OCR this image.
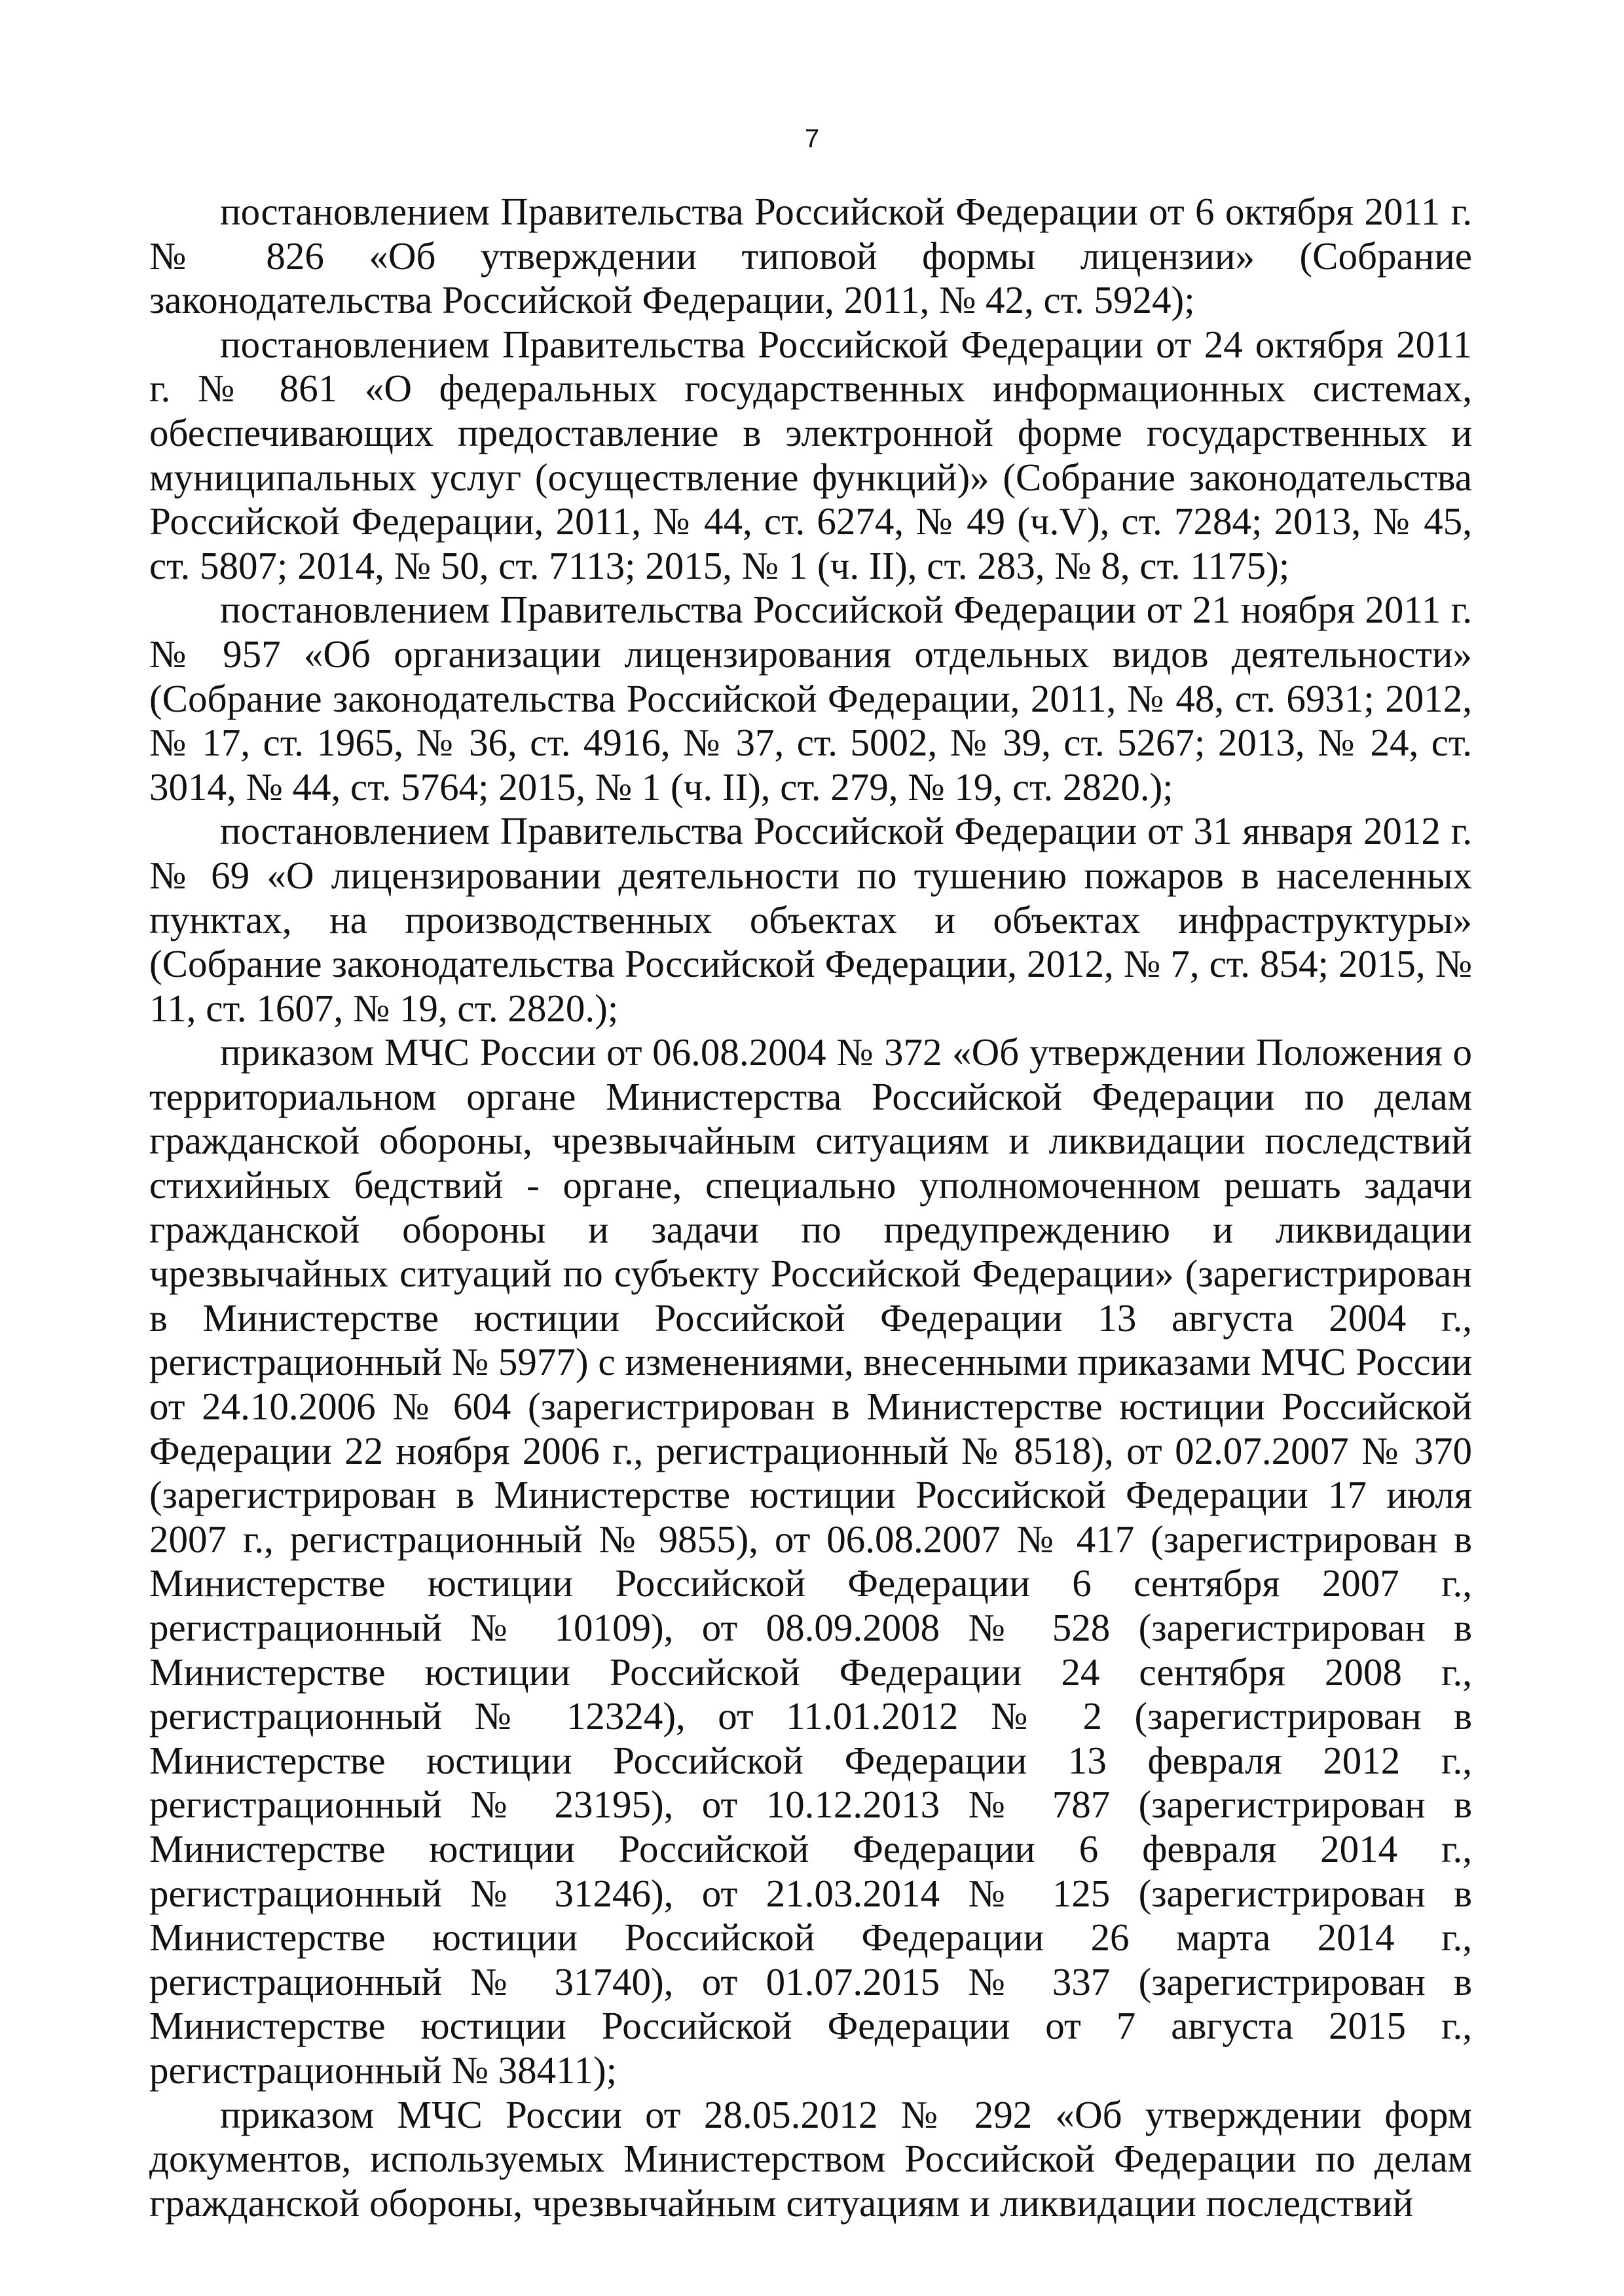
7

постановлением Правительства Российской Федерации от 6 октября 2011 г. № 826 «Об утверждении типовой формы лицензии» (Собрание законодательства Российской Федерации, 2011, № 42, ст. 5924);

постановлением Правительства Российской Федерации от 24 октября 2011 г. № 861 «О федеральных государственных информационных системах, обеспечивающих предоставление в электронной форме государственных и муниципальных услуг (осуществление функций)» (Собрание законодательства Российской Федерации, 2011, № 44, ст. 6274, № 49 (ч.V), ст. 7284; 2013, № 45, ст. 5807; 2014, № 50, ст. 7113; 2015, № 1 (ч. II), ст. 283, № 8, ст. 1175);

постановлением Правительства Российской Федерации от 21 ноября 2011 г. № 957 «Об организации лицензирования отдельных видов деятельности» (Собрание законодательства Российской Федерации, 2011, № 48, ст. 6931; 2012, № 17, ст. 1965, № 36, ст. 4916, № 37, ст. 5002, № 39, ст. 5267; 2013, № 24, ст. 3014, № 44, ст. 5764; 2015, № 1 (ч. II), ст. 279, № 19, ст. 2820.);

постановлением Правительства Российской Федерации от 31 января 2012 г. № 69 «О лицензировании деятельности по тушению пожаров в населенных пунктах, на производственных объектах и объектах инфраструктуры» (Собрание законодательства Российской Федерации, 2012, № 7, ст. 854; 2015, № 11, ст. 1607, № 19, ст. 2820.);

приказом МЧС России от 06.08.2004 № 372 «Об утверждении Положения о территориальном органе Министерства Российской Федерации по делам гражданской обороны, чрезвычайным ситуациям и ликвидации последствий стихийных бедствий - органе, специально уполномоченном решать задачи гражданской обороны и задачи по предупреждению и ликвидации чрезвычайных ситуаций по субъекту Российской Федерации» (зарегистрирован в Министерстве юстиции Российской Федерации 13 августа 2004 г., регистрационный № 5977) с изменениями, внесенными приказами МЧС России от 24.10.2006 № 604 (зарегистрирован в Министерстве юстиции Российской Федерации 22 ноября 2006 г., регистрационный № 8518), от 02.07.2007 № 370 (зарегистрирован в Министерстве юстиции Российской Федерации 17 июля 2007 г., регистрационный № 9855), от 06.08.2007 № 417 (зарегистрирован в Министерстве юстиции Российской Федерации 6 сентября 2007 г., регистрационный № 10109), от 08.09.2008 № 528 (зарегистрирован в Министерстве юстиции Российской Федерации 24 сентября 2008 г., регистрационный № 12324), от 11.01.2012 № 2 (зарегистрирован в Министерстве юстиции Российской Федерации 13 февраля 2012 г., регистрационный № 23195), от 10.12.2013 № 787 (зарегистрирован в Министерстве юстиции Российской Федерации 6 февраля 2014 г., регистрационный № 31246), от 21.03.2014 № 125 (зарегистрирован в Министерстве юстиции Российской Федерации 26 марта 2014 г., регистрационный № 31740), от 01.07.2015 № 337 (зарегистрирован в Министерстве юстиции Российской Федерации от 7 августа 2015 г., регистрационный № 38411);

приказом МЧС России от 28.05.2012 № 292 «Об утверждении форм документов, используемых Министерством Российской Федерации по делам гражданской обороны, чрезвычайным ситуациям и ликвидации последствий
